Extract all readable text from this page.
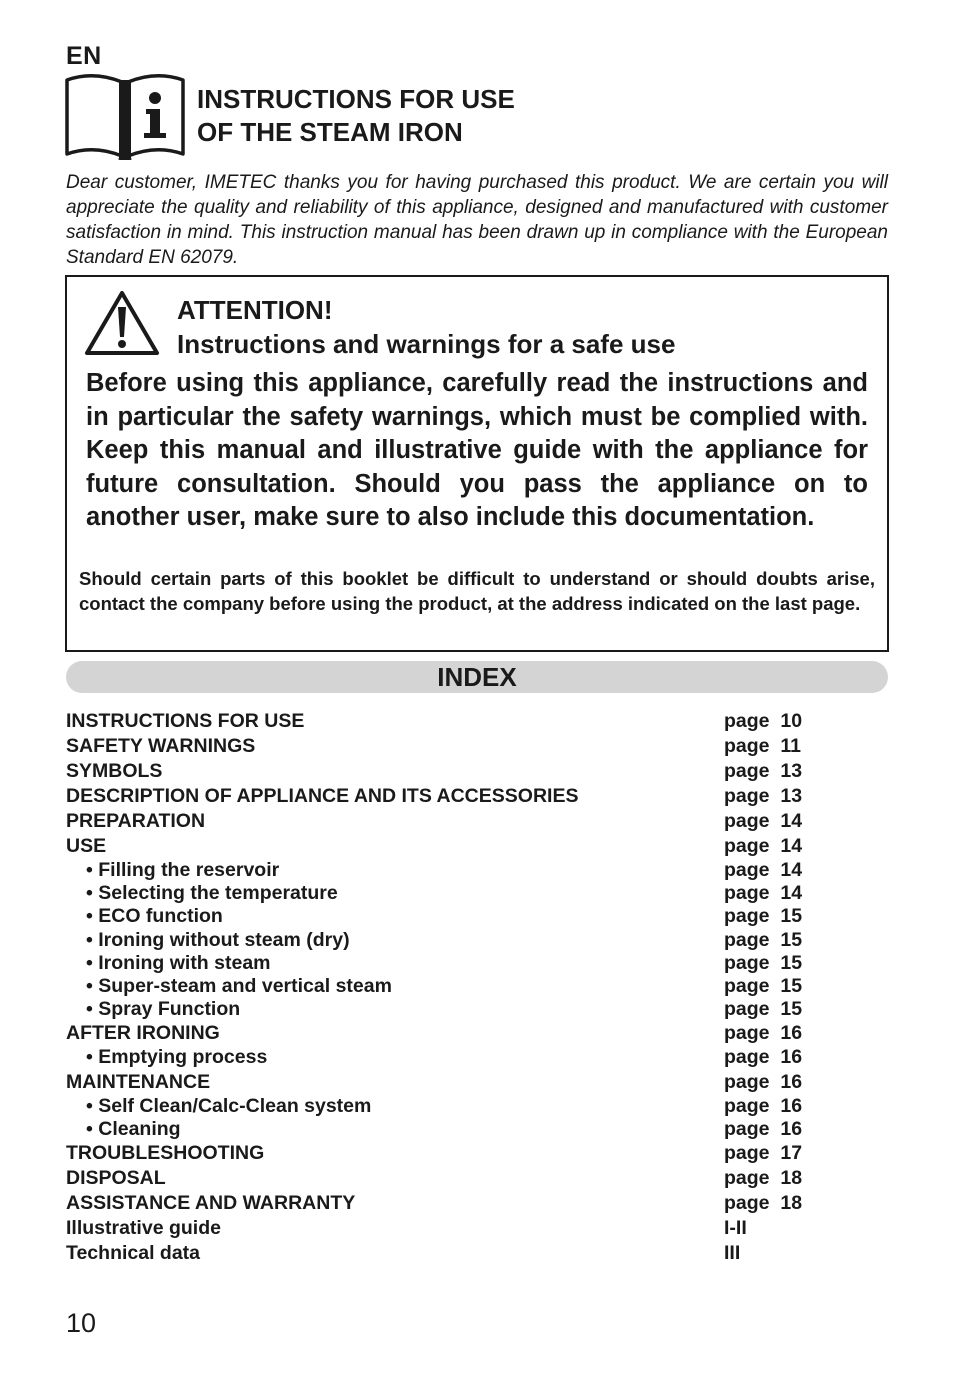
EN
INSTRUCTIONS FOR USE
OF THE STEAM IRON
Dear customer, IMETEC thanks you for having purchased this product. We are certain you will appreciate the quality and reliability of this appliance, designed and manufactured with customer satisfaction in mind. This instruction manual has been drawn up in compliance with the European Standard EN 62079.
ATTENTION!
Instructions and warnings for a safe use
Before using this appliance, carefully read the instructions and in particular the safety warnings, which must be complied with. Keep this manual and illustrative guide with the appliance for future consultation. Should you pass the appliance on to another user, make sure to also include this documentation.
Should certain parts of this booklet be difficult to understand or should doubts arise, contact the company before using the product, at the address indicated on the last page.
INDEX
INSTRUCTIONS FOR USE	page  10
SAFETY WARNINGS	page  11
SYMBOLS	page  13
DESCRIPTION OF APPLIANCE AND ITS ACCESSORIES	page  13
PREPARATION	page  14
USE	page  14
• Filling the reservoir	page  14
• Selecting the temperature	page  14
• ECO function	page  15
• Ironing without steam (dry)	page  15
• Ironing with steam	page  15
• Super-steam and vertical steam	page  15
• Spray Function	page  15
AFTER IRONING	page  16
• Emptying process	page  16
MAINTENANCE	page  16
• Self Clean/Calc-Clean system	page  16
• Cleaning	page  16
TROUBLESHOOTING	page  17
DISPOSAL	page  18
ASSISTANCE AND WARRANTY	page  18
Illustrative guide	I-II
Technical data	III
10
